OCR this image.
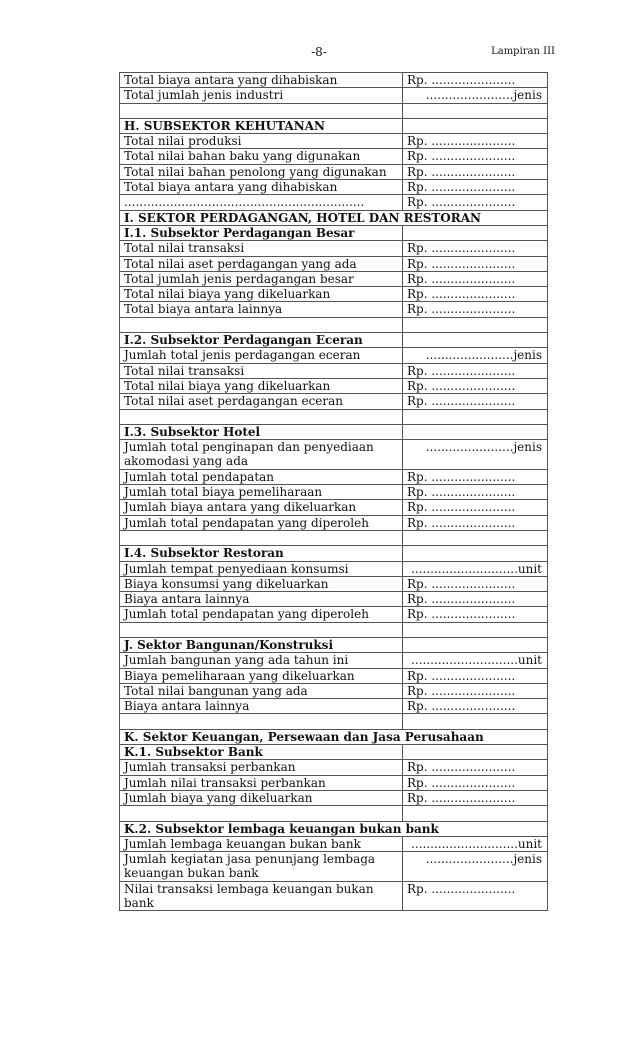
-8-	Lampiran III
Total biaya antara yang dihabiskan	Rp. ......................
Total jumlah jenis industri	.......................jenis

H. SUBSEKTOR KEHUTANAN	
Total nilai produksi	Rp. ......................
Total nilai bahan baku yang digunakan	Rp. ......................
Total nilai bahan penolong yang digunakan	Rp. ......................
Total biaya antara yang dihabiskan	Rp. ......................
...............................................................	Rp. ......................
I. SEKTOR PERDAGANGAN, HOTEL DAN RESTORAN	
I.1. Subsektor Perdagangan Besar	
Total nilai transaksi	Rp. ......................
Total nilai aset perdagangan yang ada	Rp. ......................
Total jumlah jenis perdagangan besar	Rp. ......................
Total nilai biaya yang dikeluarkan	Rp. ......................
Total biaya antara lainnya	Rp. ......................

I.2. Subsektor Perdagangan Eceran	
Jumlah total jenis perdagangan eceran	.......................jenis
Total nilai transaksi	Rp. ......................
Total nilai biaya yang dikeluarkan	Rp. ......................
Total nilai aset perdagangan eceran	Rp. ......................

I.3. Subsektor Hotel	
Jumlah total penginapan dan penyediaan akomodasi yang ada	.......................jenis
Jumlah total pendapatan	Rp. ......................
Jumlah total biaya pemeliharaan	Rp. ......................
Jumlah biaya antara yang dikeluarkan	Rp. ......................
Jumlah total pendapatan yang diperoleh	Rp. ......................

I.4. Subsektor Restoran	
Jumlah tempat penyediaan konsumsi	............................unit
Biaya konsumsi yang dikeluarkan	Rp. ......................
Biaya antara lainnya	Rp. ......................
Jumlah total pendapatan yang diperoleh	Rp. ......................

J. Sektor Bangunan/Konstruksi	
Jumlah bangunan yang ada tahun ini	............................unit
Biaya pemeliharaan yang dikeluarkan	Rp. ......................
Total nilai bangunan yang ada	Rp. ......................
Biaya antara lainnya	Rp. ......................

K. Sektor Keuangan, Persewaan dan Jasa Perusahaan	
K.1. Subsektor Bank	
Jumlah transaksi perbankan	Rp. ......................
Jumlah nilai transaksi perbankan	Rp. ......................
Jumlah biaya yang dikeluarkan	Rp. ......................

K.2. Subsektor lembaga keuangan bukan bank	
Jumlah lembaga keuangan bukan bank	............................unit
Jumlah kegiatan jasa penunjang lembaga keuangan bukan bank	.......................jenis
Nilai transaksi lembaga keuangan bukan bank	Rp. ......................
